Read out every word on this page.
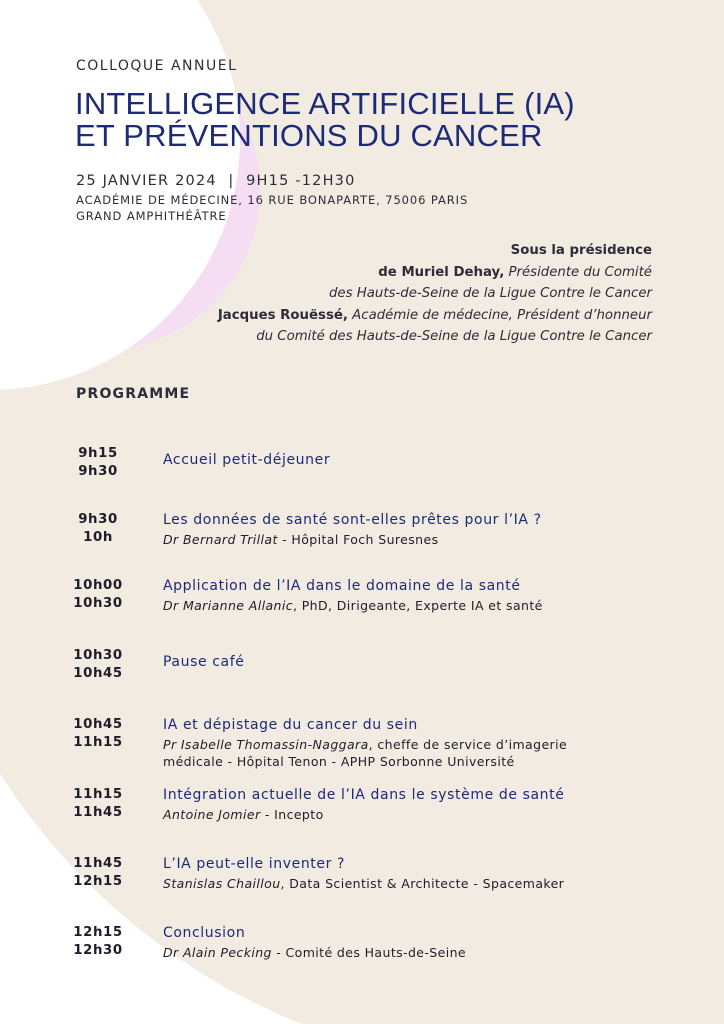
COLLOQUE ANNUEL
INTELLIGENCE ARTIFICIELLE (IA)
ET PRÉVENTIONS DU CANCER
25 JANVIER 2024  |  9H15 -12H30
ACADÉMIE DE MÉDECINE, 16 RUE BONAPARTE, 75006 PARIS
GRAND AMPHITHÉÂTRE
Sous la présidence
de Muriel Dehay, Présidente du Comité
des Hauts-de-Seine de la Ligue Contre le Cancer
Jacques Rouëssé, Académie de médecine, Président d’honneur
du Comité des Hauts-de-Seine de la Ligue Contre le Cancer
PROGRAMME
9h15
9h30
Accueil petit-déjeuner
9h30
10h
Les données de santé sont-elles prêtes pour l’IA ?
Dr Bernard Trillat - Hôpital Foch Suresnes
10h00
10h30
Application de l’IA dans le domaine de la santé
Dr Marianne Allanic, PhD, Dirigeante, Experte IA et santé
10h30
10h45
Pause café
10h45
11h15
IA et dépistage du cancer du sein
Pr Isabelle Thomassin-Naggara, cheffe de service d’imagerie
médicale - Hôpital Tenon - APHP Sorbonne Université
11h15
11h45
Intégration actuelle de l’IA dans le système de santé
Antoine Jomier - Incepto
11h45
12h15
L’IA peut-elle inventer ?
Stanislas Chaillou, Data Scientist & Architecte - Spacemaker
12h15
12h30
Conclusion
Dr Alain Pecking - Comité des Hauts-de-Seine
